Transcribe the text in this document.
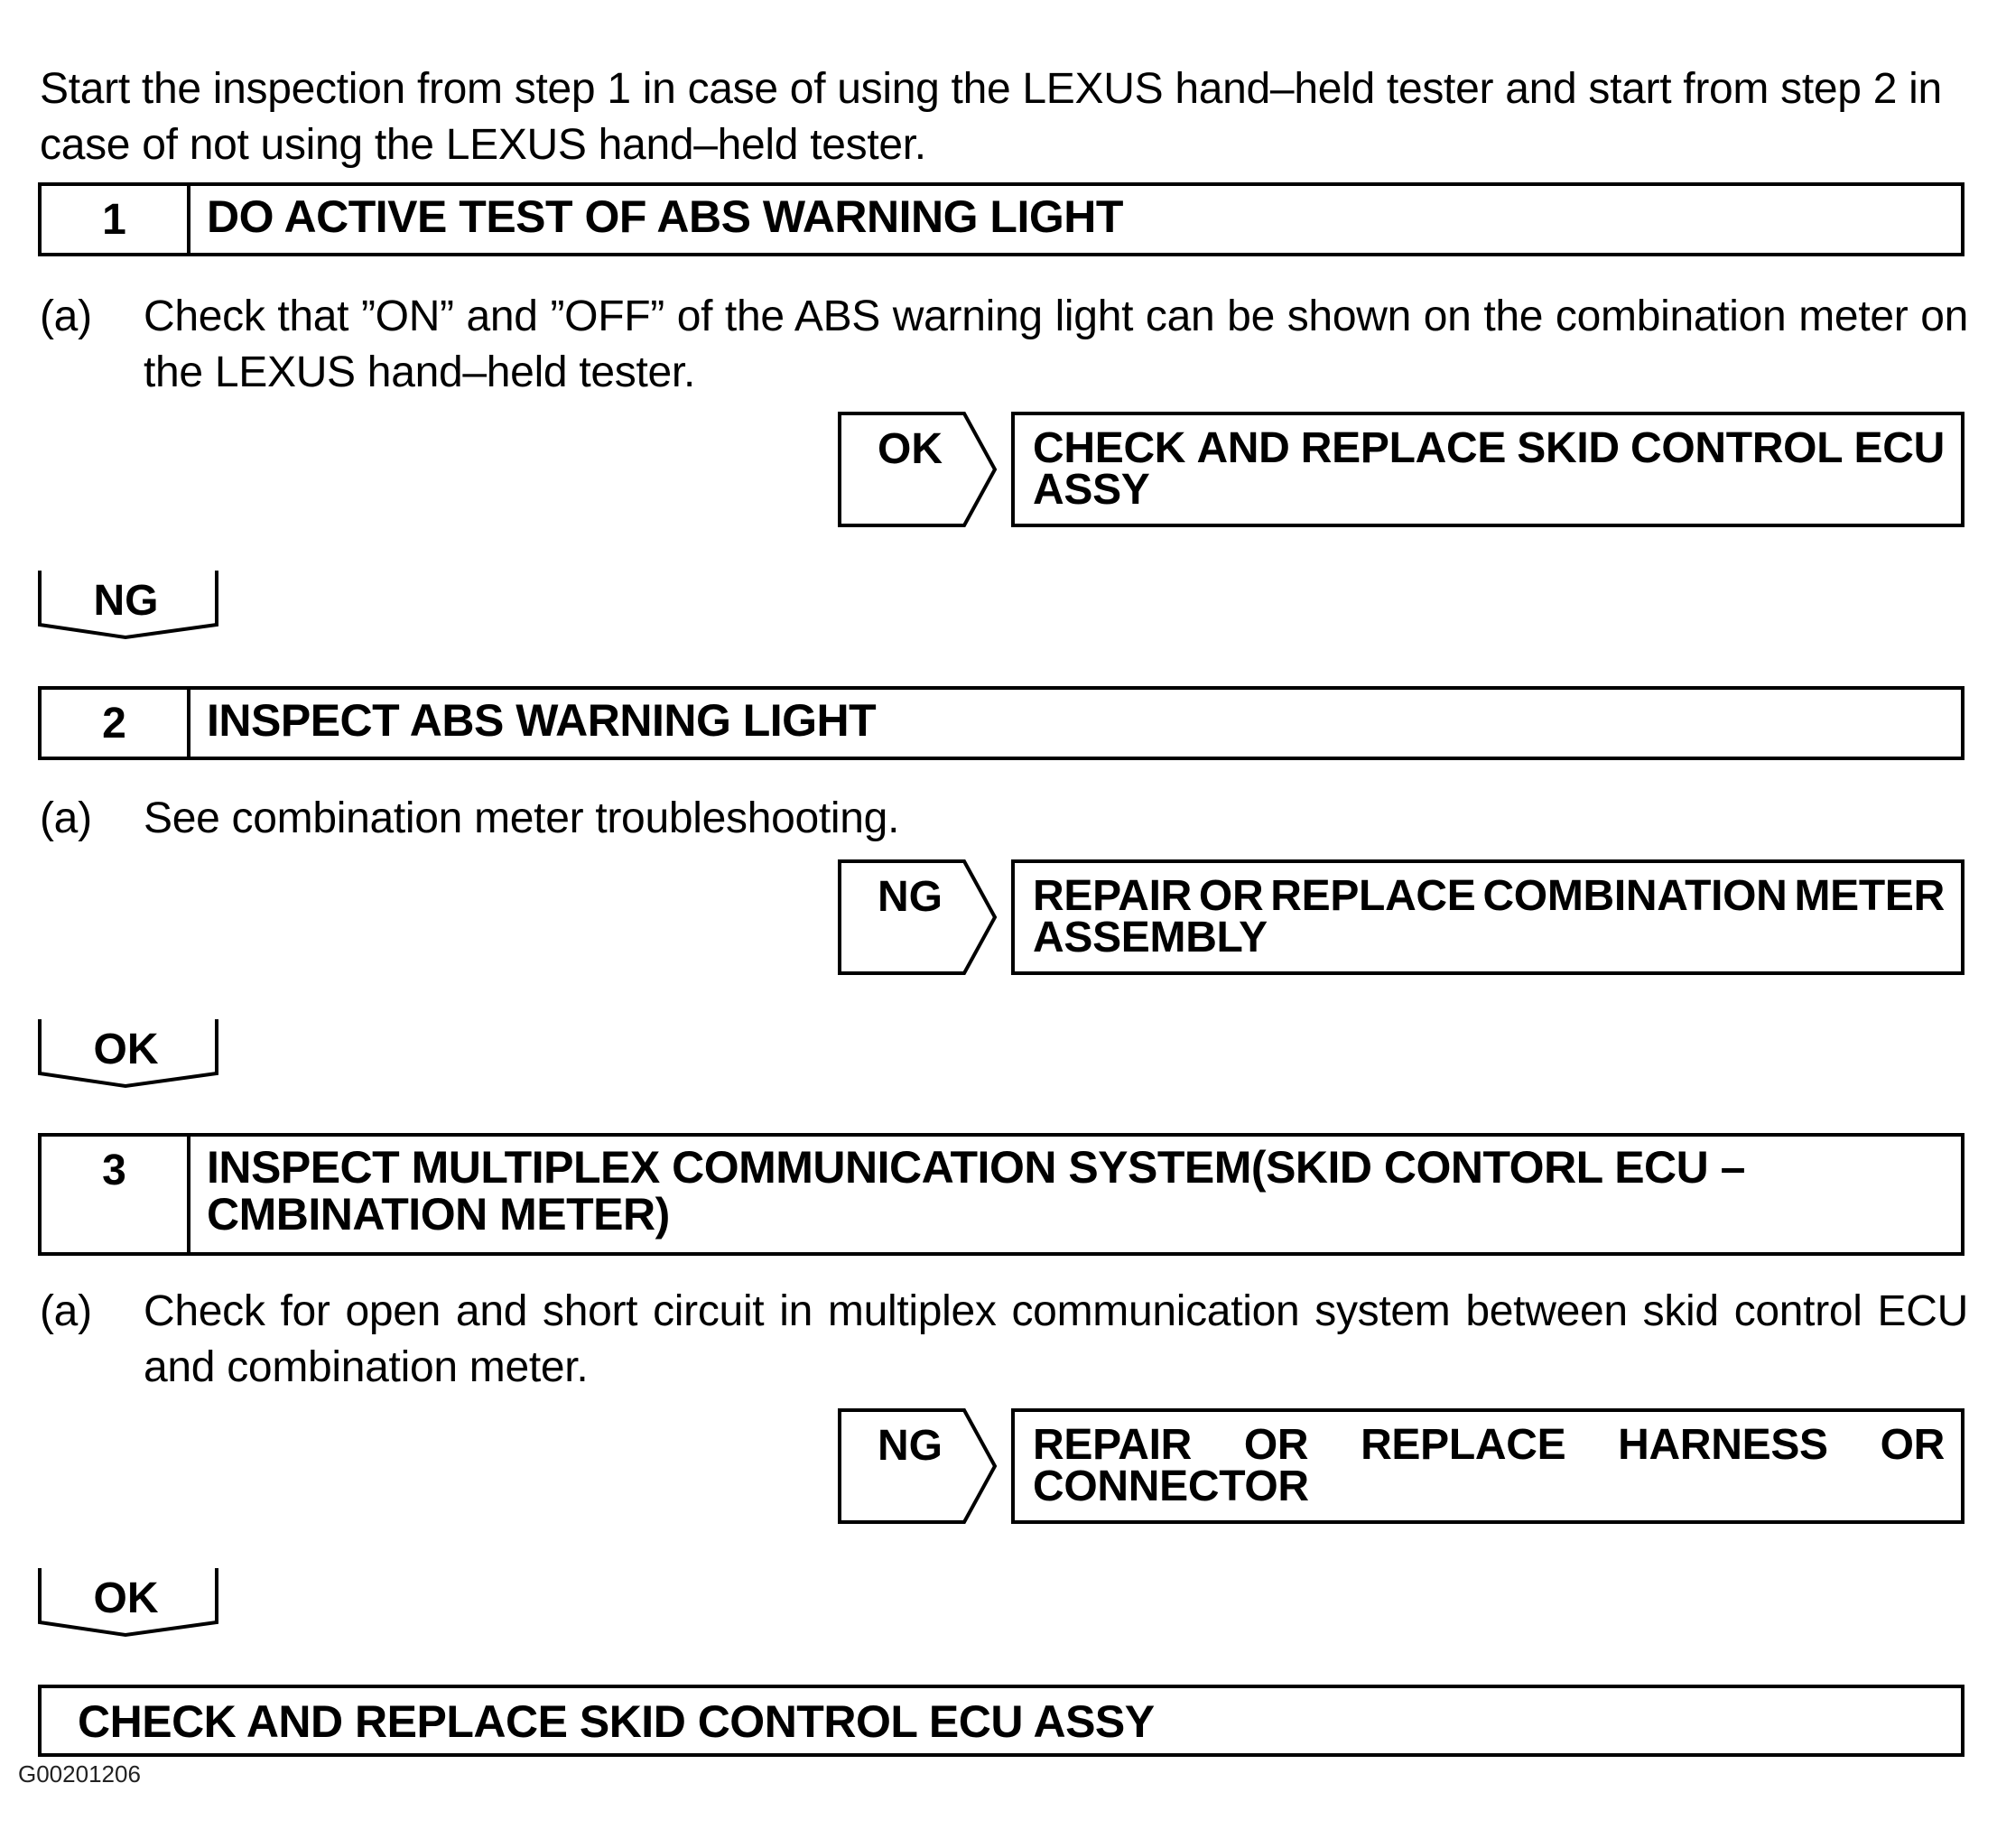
Start the inspection from step 1 in case of using the LEXUS hand–held tester and start from step 2 in case of not using the LEXUS hand–held tester.
1	DO ACTIVE TEST OF ABS WARNING LIGHT
(a)	Check that ”ON” and ”OFF” of the ABS warning light can be shown on the combination meter on the LEXUS hand–held tester.
OK	CHECK AND REPLACE SKID CONTROL ECU
ASSY
NG
2	INSPECT ABS WARNING LIGHT
(a)	See combination meter troubleshooting.
NG	REPAIR OR REPLACE COMBINATION METER
ASSEMBLY
OK
3	INSPECT MULTIPLEX COMMUNICATION SYSTEM(SKID CONTORL ECU –
CMBINATION METER)
(a)	Check for open and short circuit in multiplex communication system between skid control ECU and combination meter.
NG	REPAIR OR REPLACE HARNESS OR
CONNECTOR
OK
CHECK AND REPLACE SKID CONTROL ECU ASSY
G00201206
